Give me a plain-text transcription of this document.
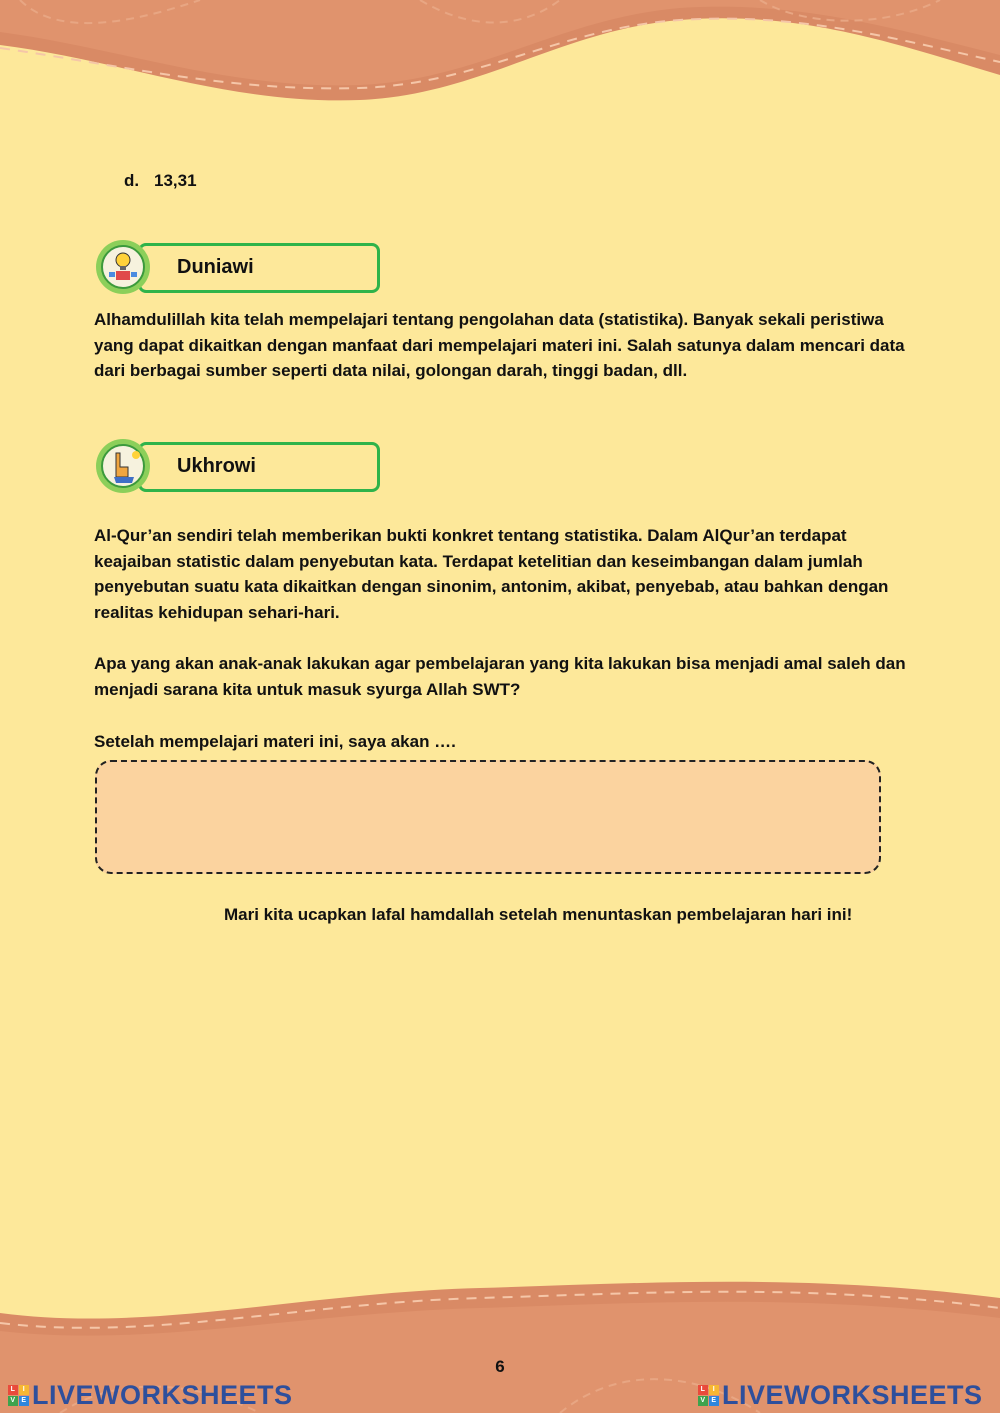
d. 13,31
Duniawi
Alhamdulillah kita telah mempelajari tentang pengolahan data (statistika). Banyak sekali peristiwa yang dapat dikaitkan dengan manfaat dari mempelajari materi ini. Salah satunya dalam mencari data dari berbagai sumber seperti data nilai, golongan darah, tinggi badan, dll.
Ukhrowi
Al-Qur’an sendiri telah memberikan bukti konkret tentang statistika. Dalam AlQur’an terdapat keajaiban statistic dalam penyebutan kata. Terdapat ketelitian dan keseimbangan dalam jumlah penyebutan suatu kata dikaitkan dengan sinonim, antonim, akibat, penyebab, atau bahkan dengan realitas kehidupan sehari-hari.
Apa yang akan anak-anak lakukan agar pembelajaran yang kita lakukan bisa menjadi amal saleh dan menjadi sarana kita untuk masuk syurga Allah SWT?
Setelah mempelajari materi ini, saya akan ….
Mari kita ucapkan lafal hamdallah setelah menuntaskan pembelajaran hari ini!
6
L	I
V E LIVEWORKSHEETS	L	I
V E LIVEWORKSHEETS
